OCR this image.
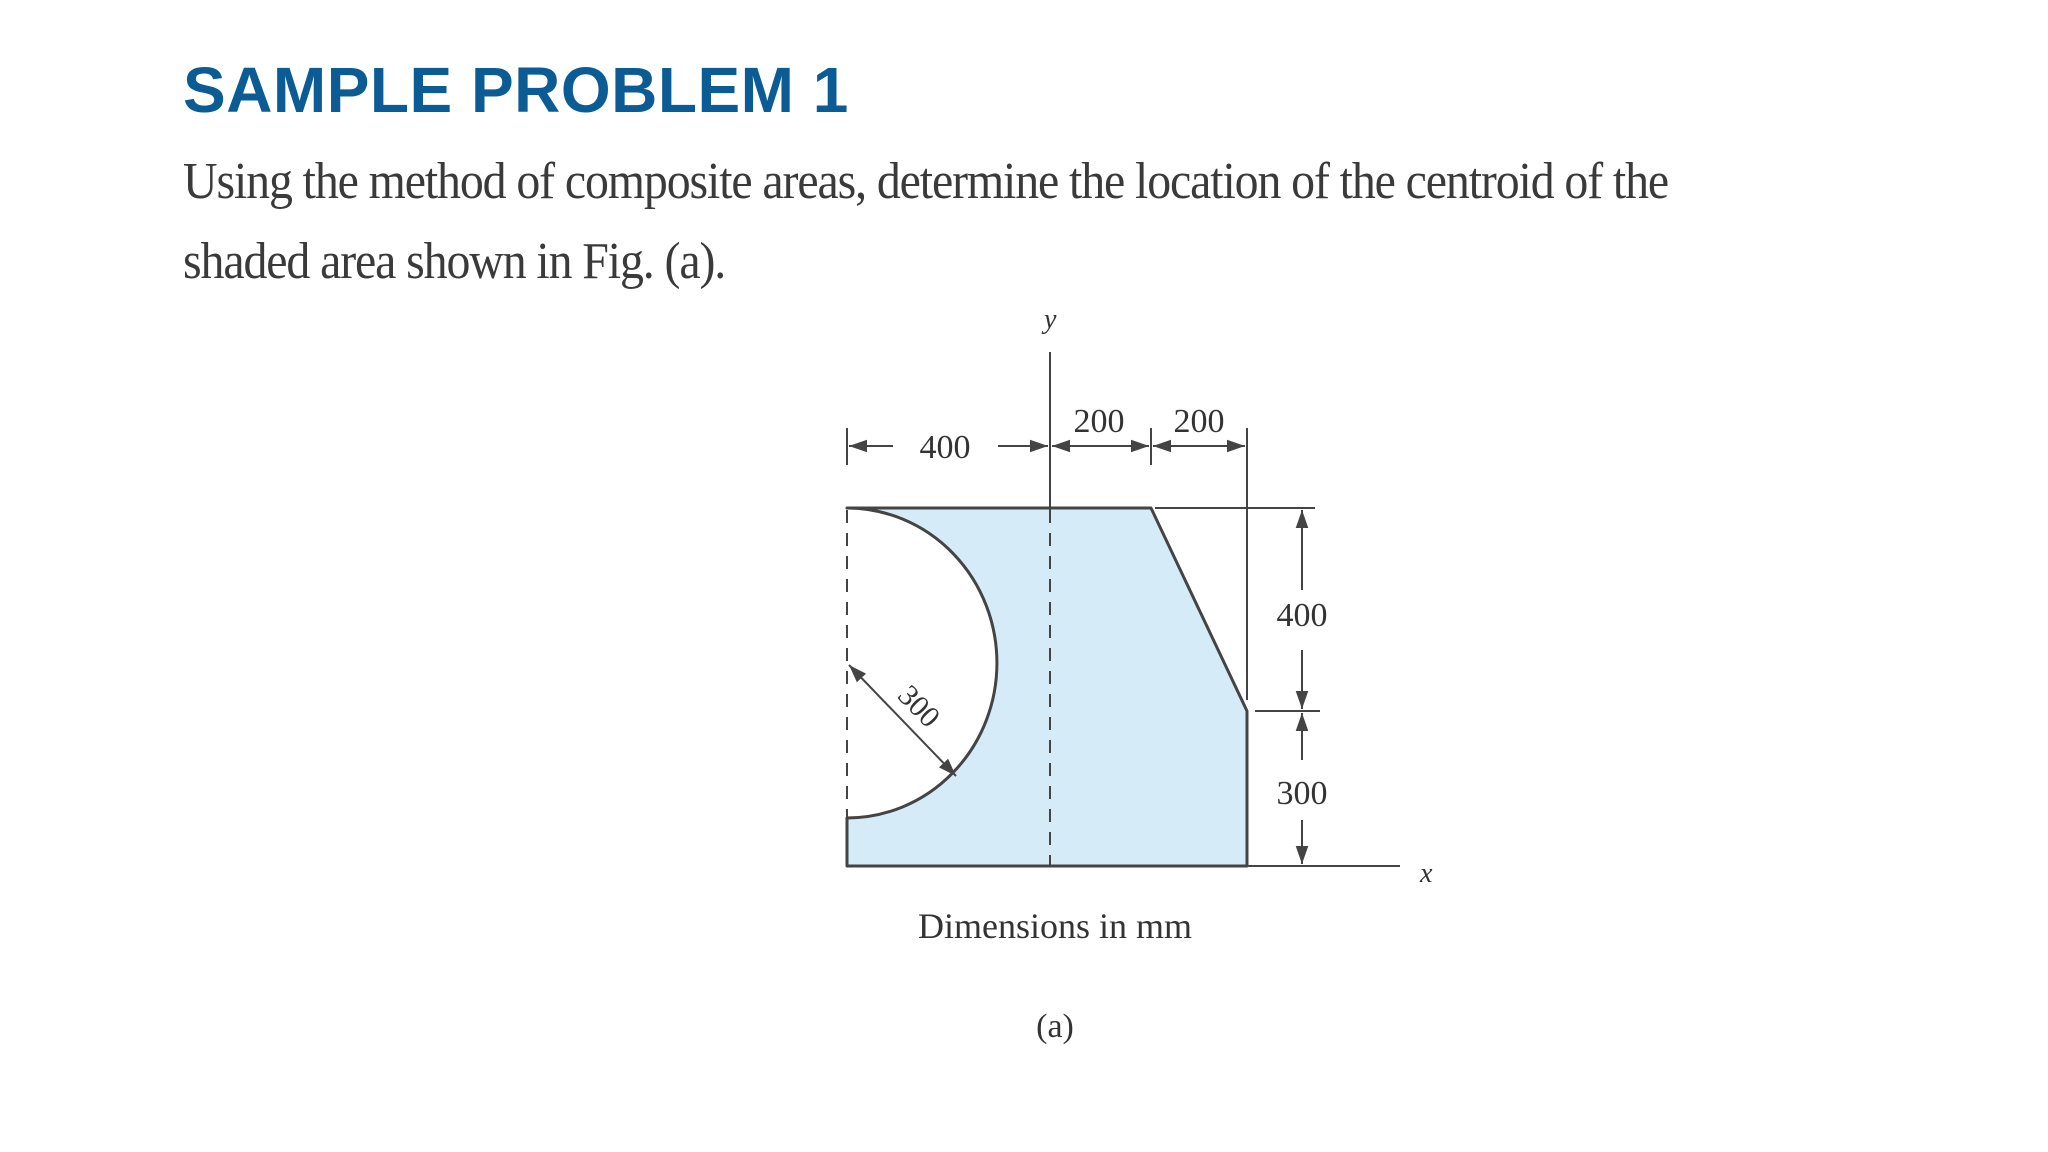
SAMPLE PROBLEM 1

Using the method of composite areas, determine the location of the centroid of the
shaded area shown in Fig. (a).

y
x
400
200 200
400
300
300
Dimensions in mm
(a)
